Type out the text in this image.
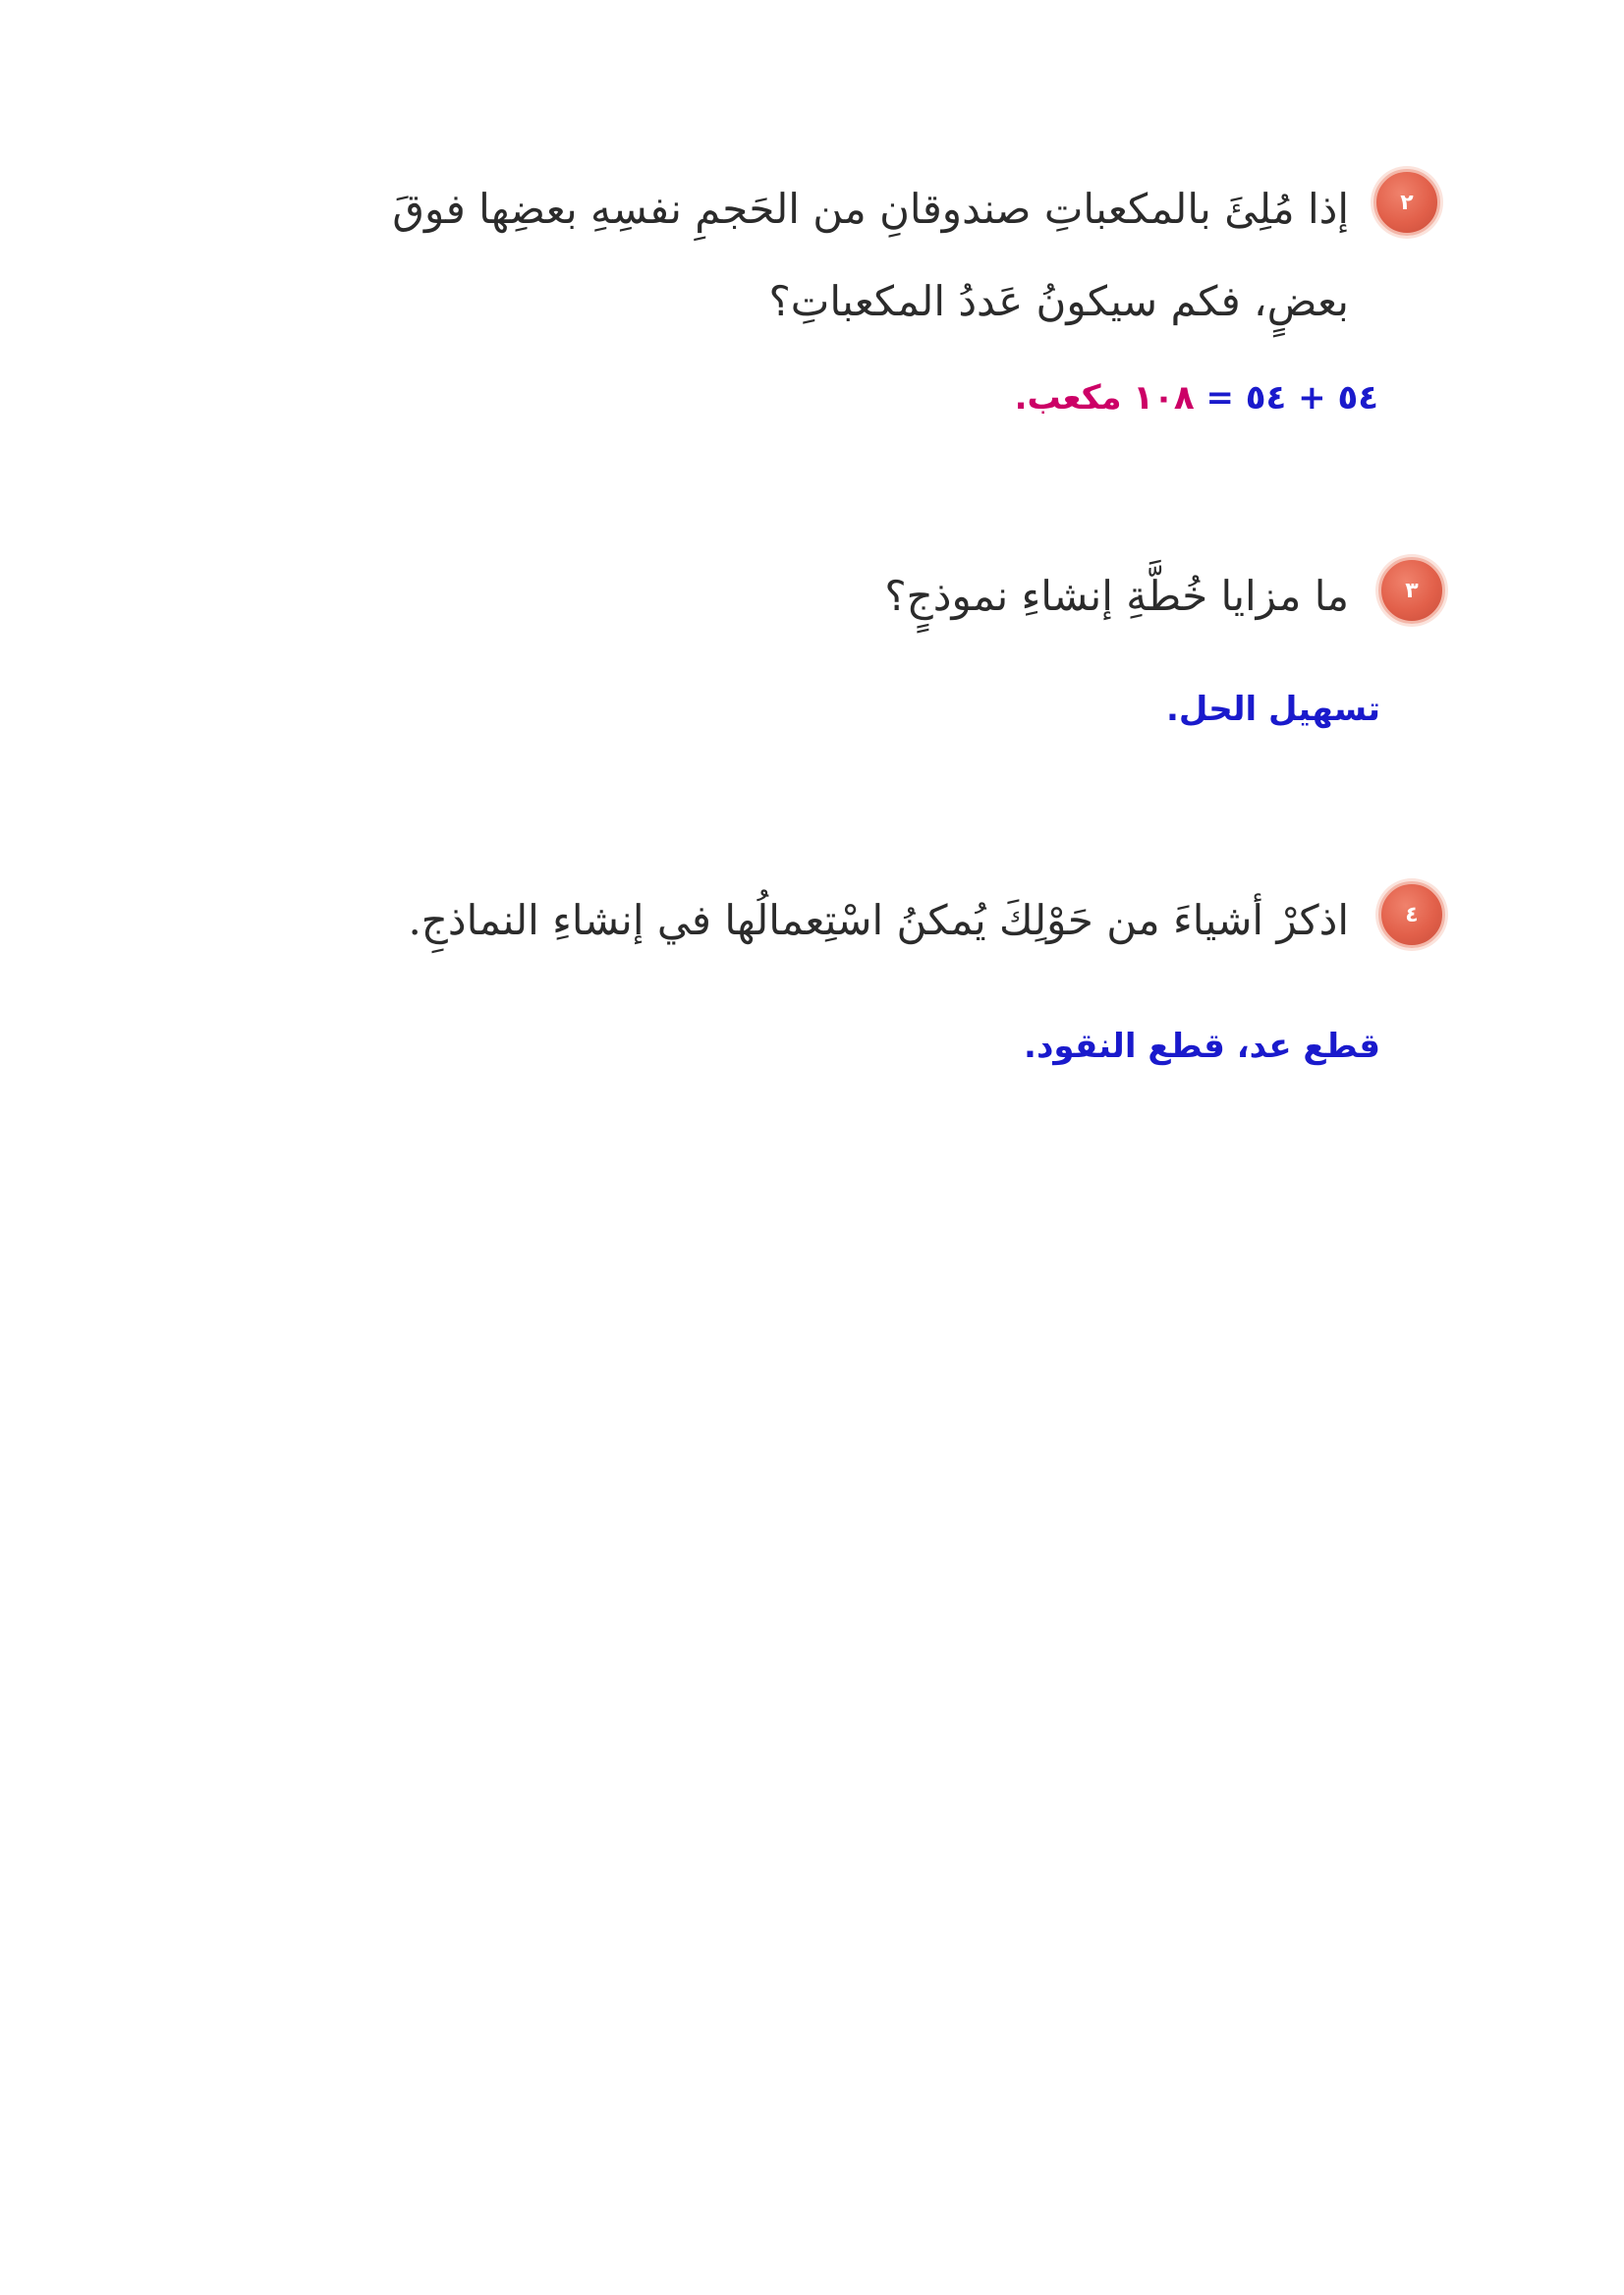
٢
إذا مُلِئَ بالمكعباتِ صندوقانِ من الحَجمِ نفسِهِ بعضِها فوقَ
بعضٍ، فكم سيكونُ عَددُ المكعباتِ؟
٥٤ + ٥٤ = ١٠٨ مكعب.
٣
ما مزايا خُطَّةِ إنشاءِ نموذجٍ؟
تسهيل الحل.
٤
اذكرْ أشياءَ من حَوْلِكَ يُمكنُ اسْتِعمالُها في إنشاءِ النماذجِ.
قطع عد، قطع النقود.
